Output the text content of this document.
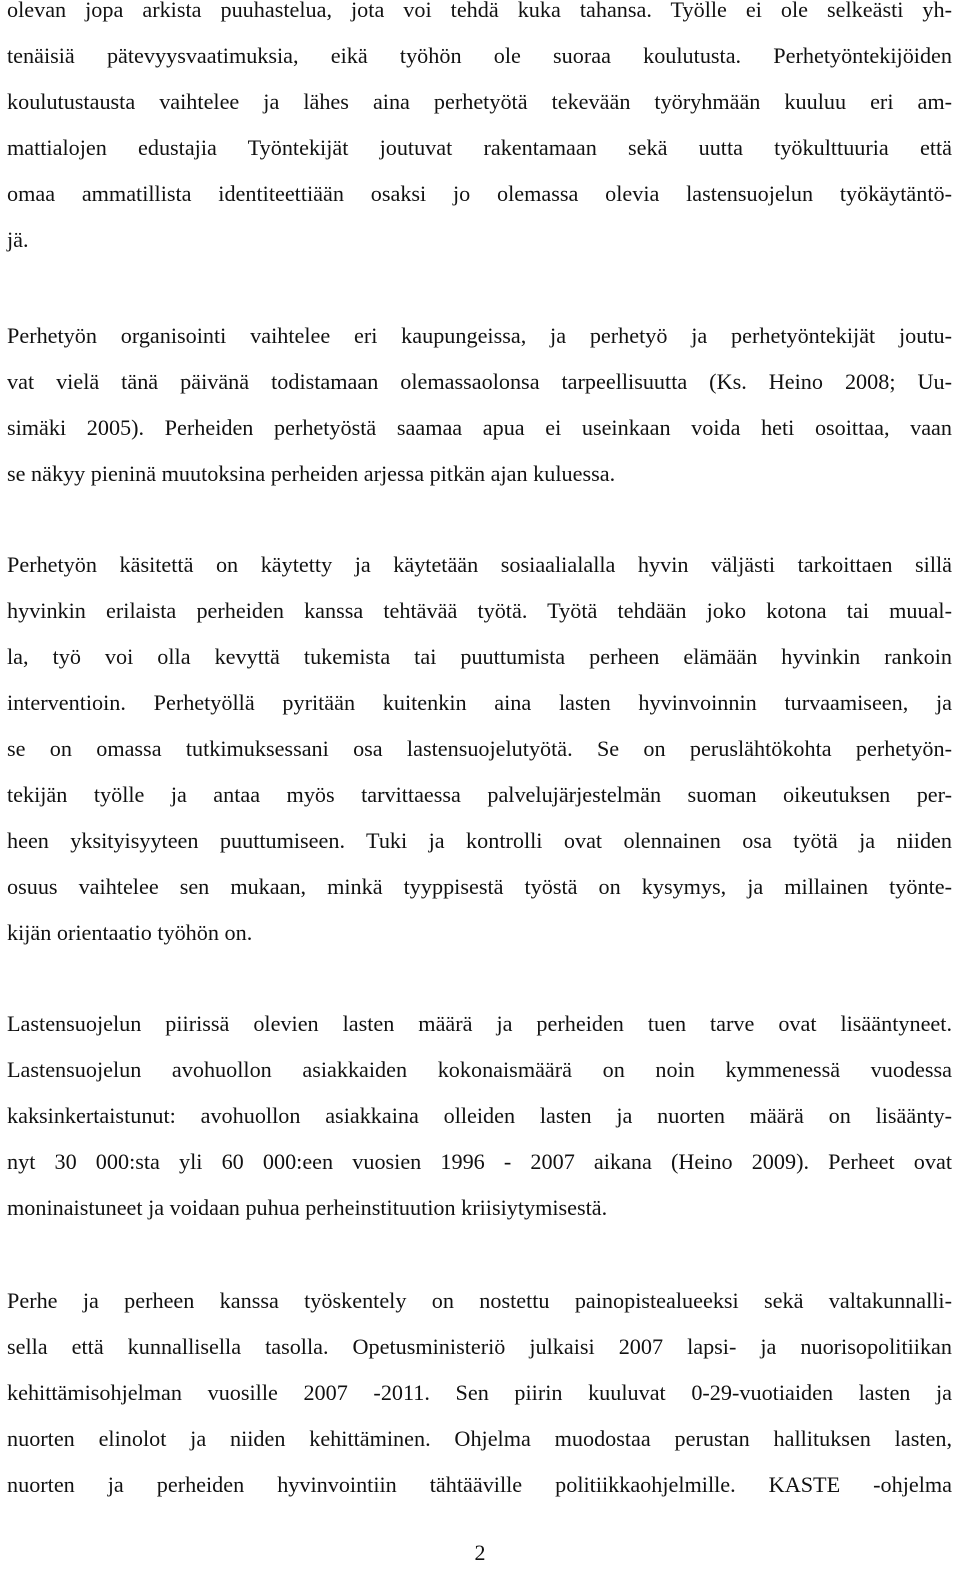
olevan jopa arkista puuhastelua, jota voi tehdä kuka tahansa. Työlle ei ole selkeästi yh-
tenäisiä pätevyysvaatimuksia, eikä työhön ole suoraa koulutusta. Perhetyöntekijöiden
koulutustausta vaihtelee ja lähes aina perhetyötä tekevään työryhmään kuuluu eri am-
mattialojen edustajia Työntekijät joutuvat rakentamaan sekä uutta työkulttuuria että
omaa ammatillista identiteettiään osaksi jo olemassa olevia lastensuojelun työkäytäntö-
jä.
Perhetyön organisointi vaihtelee eri kaupungeissa, ja perhetyö ja perhetyöntekijät joutu-
vat vielä tänä päivänä todistamaan olemassaolonsa tarpeellisuutta (Ks. Heino 2008; Uu-
simäki 2005). Perheiden perhetyöstä saamaa apua ei useinkaan voida heti osoittaa, vaan
se näkyy pieninä muutoksina perheiden arjessa pitkän ajan kuluessa.
Perhetyön käsitettä on käytetty ja käytetään sosiaalialalla hyvin väljästi tarkoittaen sillä
hyvinkin erilaista perheiden kanssa tehtävää työtä. Työtä tehdään joko kotona tai muual-
la, työ voi olla kevyttä tukemista tai puuttumista perheen elämään hyvinkin rankoin
interventioin. Perhetyöllä pyritään kuitenkin aina lasten hyvinvoinnin turvaamiseen, ja
se on omassa tutkimuksessani osa lastensuojelutyötä. Se on peruslähtökohta perhetyön-
tekijän työlle ja antaa myös tarvittaessa palvelujärjestelmän suoman oikeutuksen per-
heen yksityisyyteen puuttumiseen. Tuki ja kontrolli ovat olennainen osa työtä ja niiden
osuus vaihtelee sen mukaan, minkä tyyppisestä työstä on kysymys, ja millainen työnte-
kijän orientaatio työhön on.
Lastensuojelun piirissä olevien lasten määrä ja perheiden tuen tarve ovat lisääntyneet.
Lastensuojelun avohuollon asiakkaiden kokonaismäärä on noin kymmenessä vuodessa
kaksinkertaistunut: avohuollon asiakkaina olleiden lasten ja nuorten määrä on lisäänty-
nyt 30 000:sta yli 60 000:een vuosien 1996 - 2007 aikana (Heino 2009). Perheet ovat
moninaistuneet ja voidaan puhua perheinstituution kriisiytymisestä.
Perhe ja perheen kanssa työskentely on nostettu painopistealueeksi sekä valtakunnalli-
sella että kunnallisella tasolla. Opetusministeriö julkaisi 2007 lapsi- ja nuorisopolitiikan
kehittämisohjelman vuosille 2007 -2011. Sen piirin kuuluvat 0-29-vuotiaiden lasten ja
nuorten elinolot ja niiden kehittäminen. Ohjelma muodostaa perustan hallituksen lasten,
nuorten ja perheiden hyvinvointiin tähtääville politiikkaohjelmille. KASTE -ohjelma
2
